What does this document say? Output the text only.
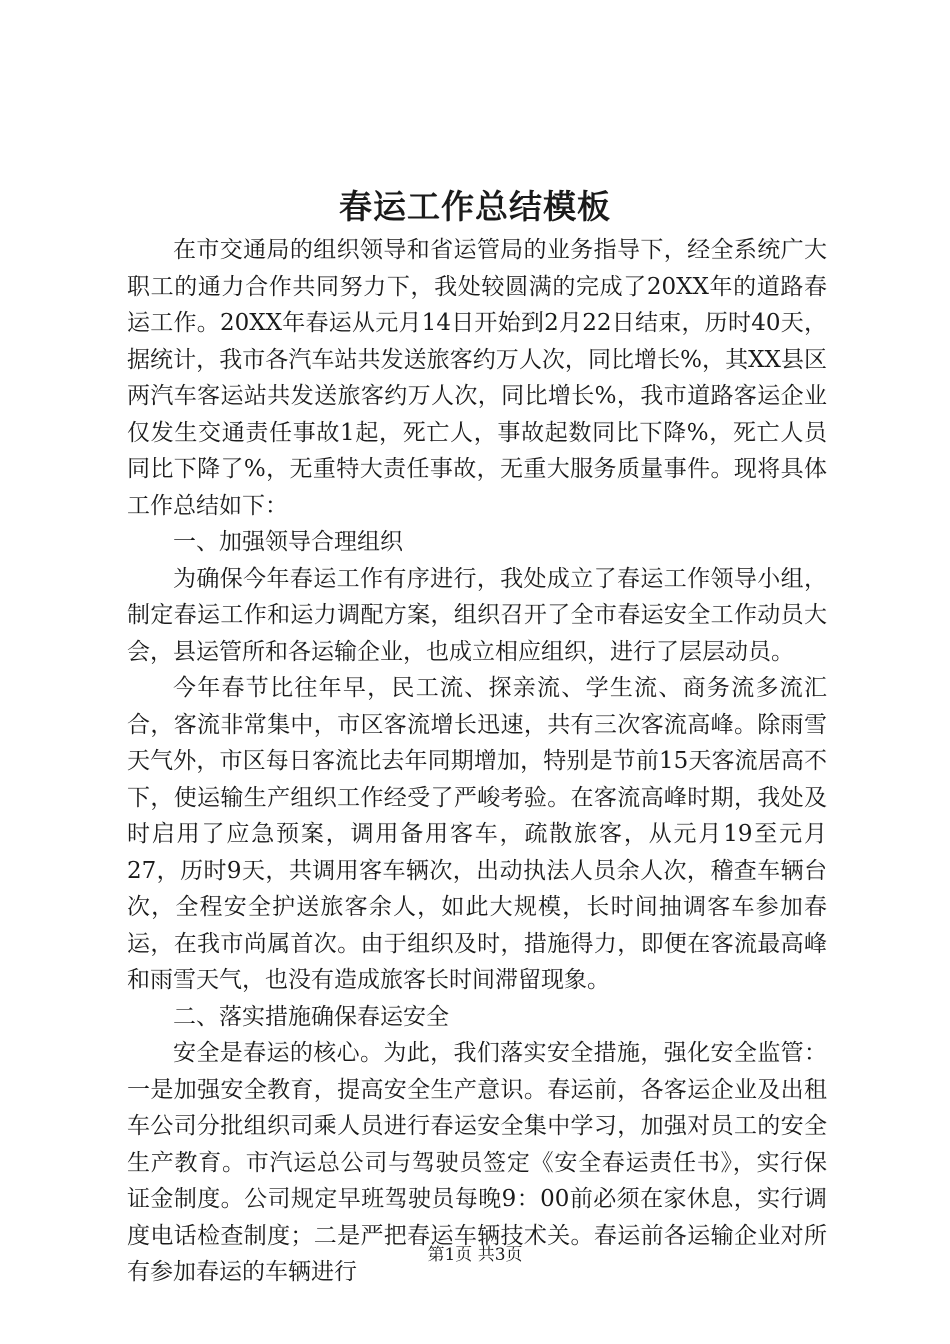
春运工作总结模板

在市交通局的组织领导和省运管局的业务指导下，经全系统广大职工的通力合作共同努力下，我处较圆满的完成了20XX年的道路春运工作。20XX年春运从元月14日开始到2月22日结束，历时40天，据统计，我市各汽车站共发送旅客约万人次，同比增长%，其XX县区两汽车客运站共发送旅客约万人次，同比增长%，我市道路客运企业仅发生交通责任事故1起，死亡人，事故起数同比下降%，死亡人员同比下降了%，无重特大责任事故，无重大服务质量事件。现将具体工作总结如下：

一、加强领导合理组织

为确保今年春运工作有序进行，我处成立了春运工作领导小组，制定春运工作和运力调配方案，组织召开了全市春运安全工作动员大会，县运管所和各运输企业，也成立相应组织，进行了层层动员。

今年春节比往年早，民工流、探亲流、学生流、商务流多流汇合，客流非常集中，市区客流增长迅速，共有三次客流高峰。除雨雪天气外，市区每日客流比去年同期增加，特别是节前15天客流居高不下，使运输生产组织工作经受了严峻考验。在客流高峰时期，我处及时启用了应急预案，调用备用客车，疏散旅客，从元月19至元月27，历时9天，共调用客车辆次，出动执法人员余人次，稽查车辆台次，全程安全护送旅客余人，如此大规模，长时间抽调客车参加春运，在我市尚属首次。由于组织及时，措施得力，即便在客流最高峰和雨雪天气，也没有造成旅客长时间滞留现象。

二、落实措施确保春运安全

安全是春运的核心。为此，我们落实安全措施，强化安全监管：一是加强安全教育，提高安全生产意识。春运前，各客运企业及出租车公司分批组织司乘人员进行春运安全集中学习，加强对员工的安全生产教育。市汽运总公司与驾驶员签定《安全春运责任书》，实行保证金制度。公司规定早班驾驶员每晚9：00前必须在家休息，实行调度电话检查制度；二是严把春运车辆技术关。春运前各运输企业对所有参加春运的车辆进行

第1页 共3页
